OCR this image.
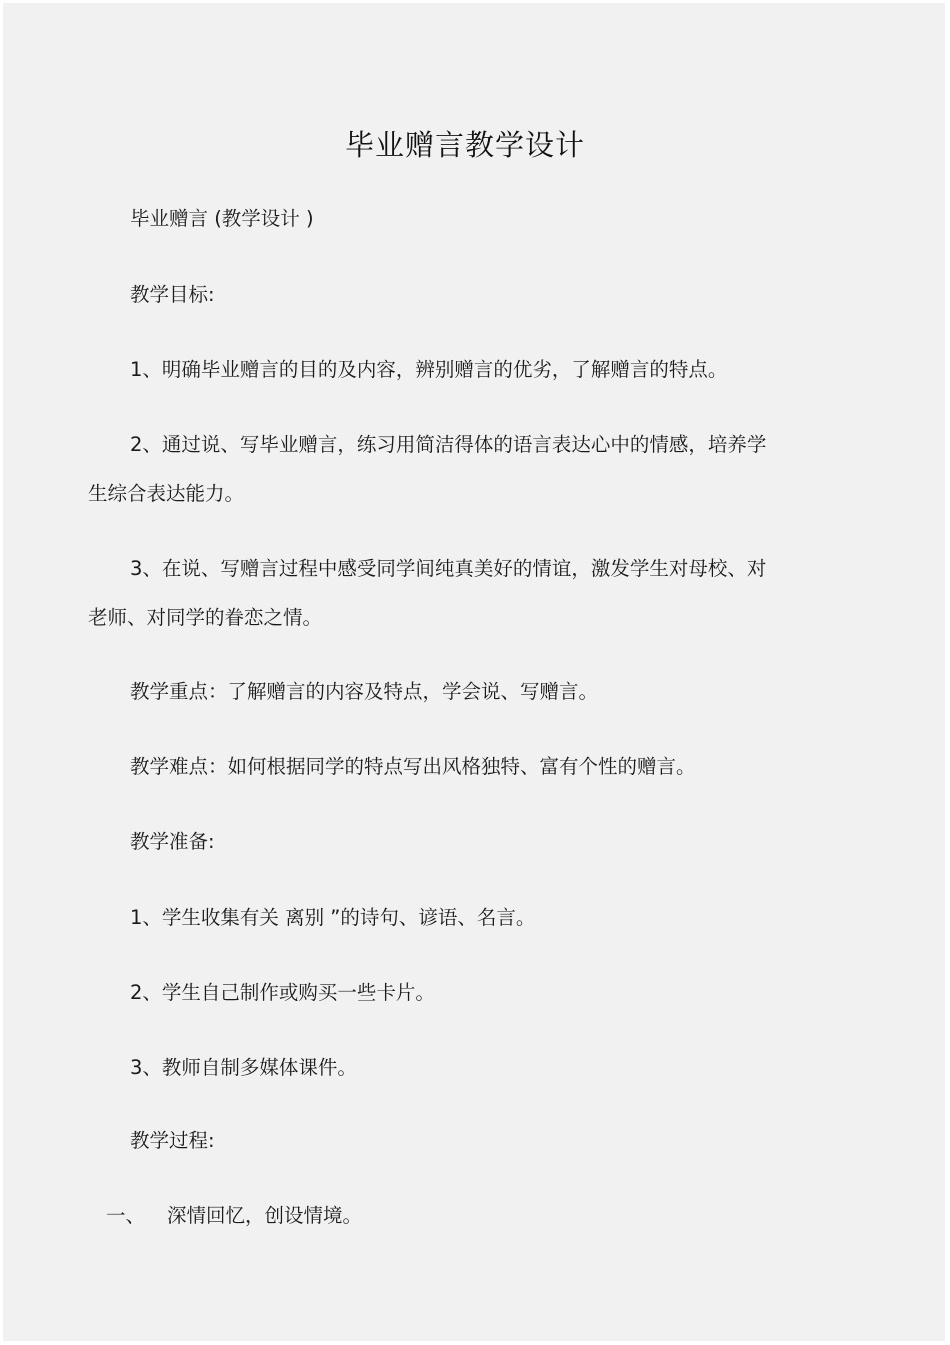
毕业赠言教学设计
毕业赠言 (教学设计 )
教学目标:
1、明确毕业赠言的目的及内容，辨别赠言的优劣，了解赠言的特点。
2、通过说、写毕业赠言，练习用简洁得体的语言表达心中的情感，培养学
生综合表达能力。
3、在说、写赠言过程中感受同学间纯真美好的情谊，激发学生对母校、对
老师、对同学的眷恋之情。
教学重点：了解赠言的内容及特点，学会说、写赠言。
教学难点：如何根据同学的特点写出风格独特、富有个性的赠言。
教学准备:
1、学生收集有关 离别 ”的诗句、谚语、名言。
2、学生自己制作或购买一些卡片。
3、教师自制多媒体课件。
教学过程:
一、 深情回忆，创设情境。
